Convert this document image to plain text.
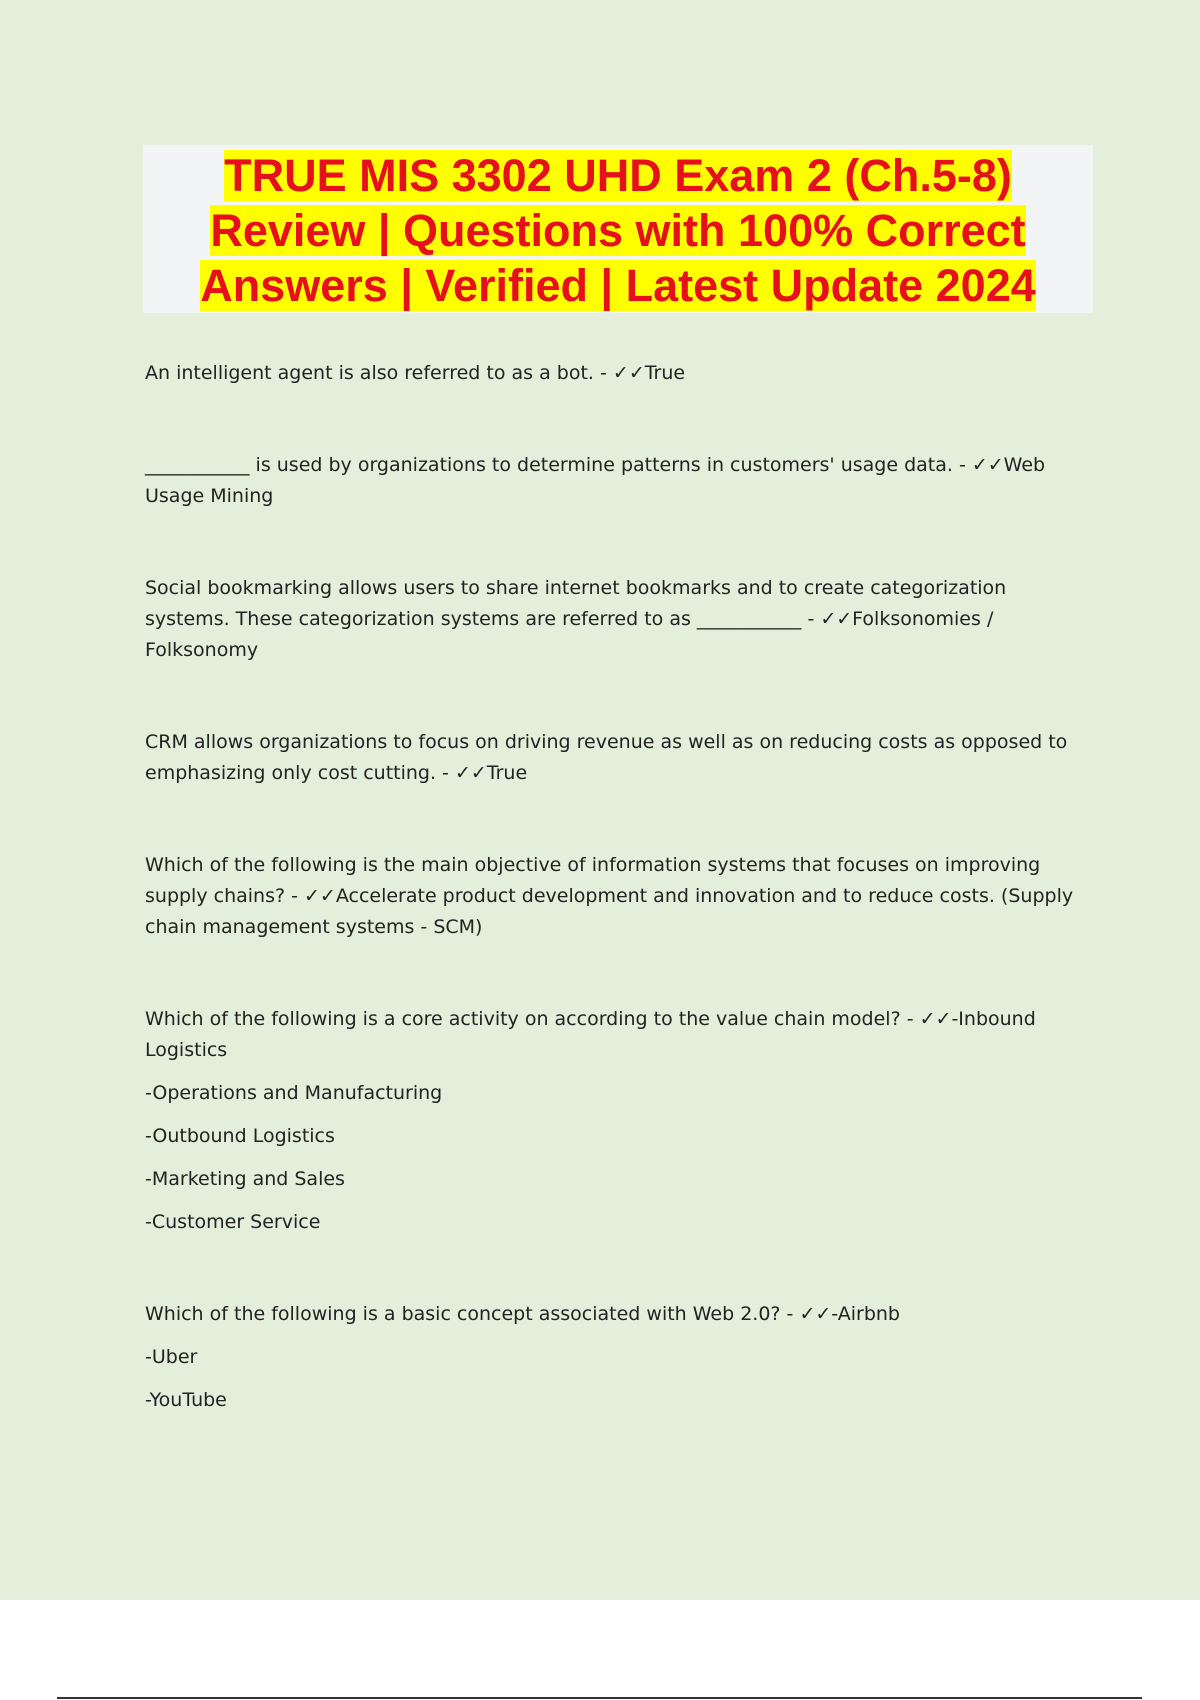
TRUE MIS 3302 UHD Exam 2 (Ch.5-8) Review | Questions with 100% Correct Answers | Verified | Latest Update 2024

An intelligent agent is also referred to as a bot. - ✓✓True

___________ is used by organizations to determine patterns in customers' usage data. - ✓✓Web Usage Mining

Social bookmarking allows users to share internet bookmarks and to create categorization systems. These categorization systems are referred to as ___________ - ✓✓Folksonomies / Folksonomy

CRM allows organizations to focus on driving revenue as well as on reducing costs as opposed to emphasizing only cost cutting. - ✓✓True

Which of the following is the main objective of information systems that focuses on improving supply chains? - ✓✓Accelerate product development and innovation and to reduce costs. (Supply chain management systems - SCM)

Which of the following is a core activity on according to the value chain model? - ✓✓-Inbound Logistics

-Operations and Manufacturing

-Outbound Logistics

-Marketing and Sales

-Customer Service

Which of the following is a basic concept associated with Web 2.0? - ✓✓-Airbnb

-Uber

-YouTube
